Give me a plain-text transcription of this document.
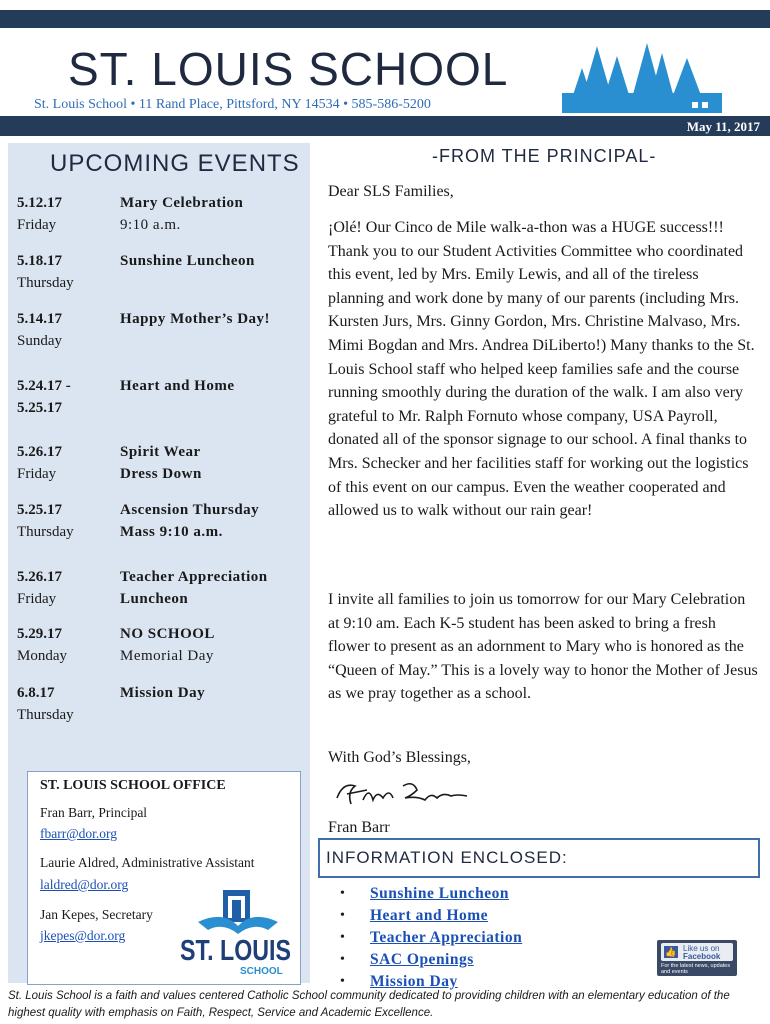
ST. LOUIS SCHOOL
St. Louis School • 11 Rand Place, Pittsford, NY 14534 • 585-586-5200
May 11, 2017
UPCOMING EVENTS
5.12.17
Friday
Mary Celebration
9:10 a.m.
5.18.17
Thursday
Sunshine Luncheon
5.14.17
Sunday
Happy Mother’s Day!
5.24.17 -
5.25.17
Heart and Home
5.26.17
Friday
Spirit Wear
Dress Down
5.25.17
Thursday
Ascension Thursday
Mass 9:10 a.m.
5.26.17
Friday
Teacher Appreciation
Luncheon
5.29.17
Monday
NO SCHOOL
Memorial Day
6.8.17
Thursday
Mission Day
ST. LOUIS SCHOOL OFFICE
Fran Barr, Principal
fbarr@dor.org
Laurie Aldred, Administrative Assistant
laldred@dor.org
Jan Kepes, Secretary
jkepes@dor.org ST. LOUIS
SCHOOL
-FROM THE PRINCIPAL-
Dear SLS Families,
¡Olé! Our Cinco de Mile walk-a-thon was a HUGE success!!! Thank you to our Student Activities Committee who coordinated this event, led by Mrs. Emily Lewis, and all of the tireless planning and work done by many of our parents (including Mrs. Kursten Jurs, Mrs. Ginny Gordon, Mrs. Christine Malvaso, Mrs. Mimi Bogdan and Mrs. Andrea DiLiberto!) Many thanks to the St. Louis School staff who helped keep families safe and the course running smoothly during the duration of the walk. I am also very grateful to Mr. Ralph Fornuto whose company, USA Payroll, donated all of the sponsor signage to our school. A final thanks to Mrs. Schecker and her facilities staff for working out the logistics of this event on our campus. Even the weather cooperated and allowed us to walk without our rain gear!
I invite all families to join us tomorrow for our Mary Celebration at 9:10 am. Each K-5 student has been asked to bring a fresh flower to present as an adornment to Mary who is honored as the “Queen of May.” This is a lovely way to honor the Mother of Jesus as we pray together as a school.
With God’s Blessings,
Fran Barr
INFORMATION ENCLOSED:
• Sunshine Luncheon
• Heart and Home
• Teacher Appreciation
• SAC Openings
• Mission Day
Like us on
Facebook
👍
For the latest news, updates and events
St. Louis School is a faith and values centered Catholic School community dedicated to providing children with an elementary education of the highest quality with emphasis on Faith, Respect, Service and Academic Excellence.
